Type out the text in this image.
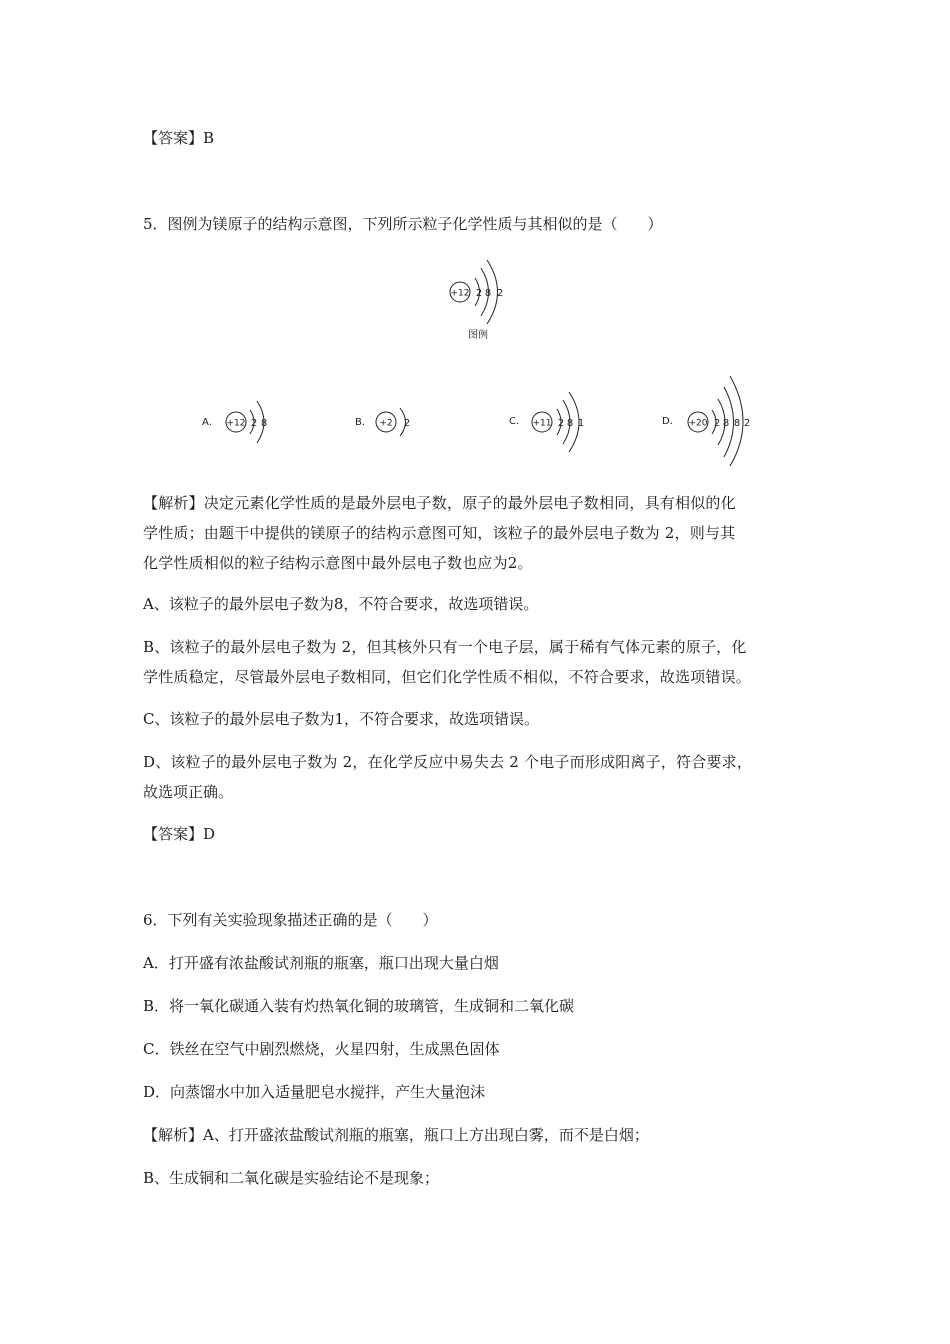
【答案】B
5．图例为镁原子的结构示意图，下列所示粒子化学性质与其相似的是（　　）
+12 2 8 2
图例
A． +12 2 8	B． +2 2	C． +11 2 8 1	D． +20 2 8 8 2
【解析】决定元素化学性质的是最外层电子数，原子的最外层电子数相同，具有相似的化
学性质；由题干中提供的镁原子的结构示意图可知，该粒子的最外层电子数为 2，则与其
化学性质相似的粒子结构示意图中最外层电子数也应为2。
A、该粒子的最外层电子数为8，不符合要求，故选项错误。
B、该粒子的最外层电子数为 2，但其核外只有一个电子层，属于稀有气体元素的原子，化
学性质稳定，尽管最外层电子数相同，但它们化学性质不相似，不符合要求，故选项错误。
C、该粒子的最外层电子数为1，不符合要求，故选项错误。
D、该粒子的最外层电子数为 2，在化学反应中易失去 2 个电子而形成阳离子，符合要求，
故选项正确。
【答案】D
6．下列有关实验现象描述正确的是（　　）
A．打开盛有浓盐酸试剂瓶的瓶塞，瓶口出现大量白烟
B．将一氧化碳通入装有灼热氧化铜的玻璃管，生成铜和二氧化碳
C．铁丝在空气中剧烈燃烧，火星四射，生成黑色固体
D．向蒸馏水中加入适量肥皂水搅拌，产生大量泡沫
【解析】A、打开盛浓盐酸试剂瓶的瓶塞，瓶口上方出现白雾，而不是白烟；
B、生成铜和二氧化碳是实验结论不是现象；
